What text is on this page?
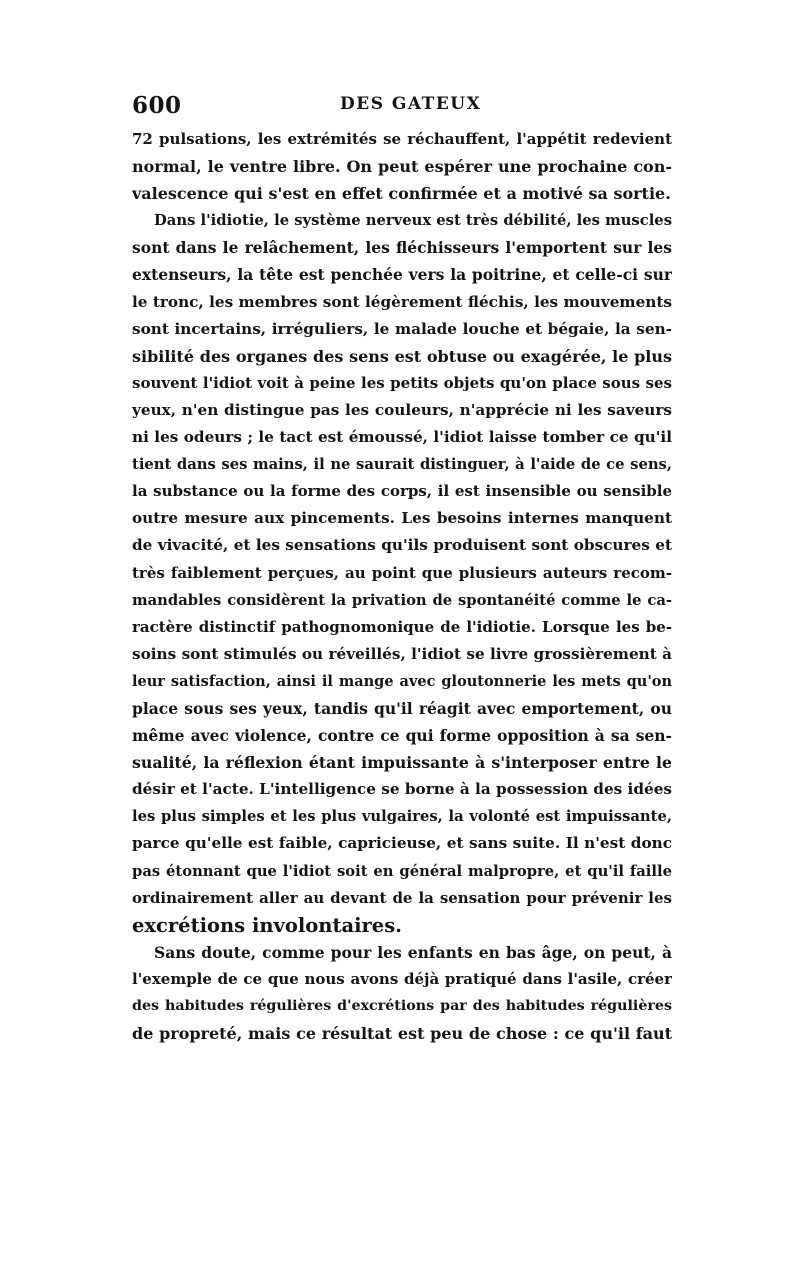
600	DES GATEUX
72 pulsations, les extrémités se réchauffent, l'appétit redevient
normal, le ventre libre. On peut espérer une prochaine con-
valescence qui s'est en effet confirmée et a motivé sa sortie.
Dans l'idiotie, le système nerveux est très débilité, les muscles
sont dans le relâchement, les fléchisseurs l'emportent sur les
extenseurs, la tête est penchée vers la poitrine, et celle-ci sur
le tronc, les membres sont légèrement fléchis, les mouvements
sont incertains, irréguliers, le malade louche et bégaie, la sen-
sibilité des organes des sens est obtuse ou exagérée, le plus
souvent l'idiot voit à peine les petits objets qu'on place sous ses
yeux, n'en distingue pas les couleurs, n'apprécie ni les saveurs
ni les odeurs ; le tact est émoussé, l'idiot laisse tomber ce qu'il
tient dans ses mains, il ne saurait distinguer, à l'aide de ce sens,
la substance ou la forme des corps, il est insensible ou sensible
outre mesure aux pincements. Les besoins internes manquent
de vivacité, et les sensations qu'ils produisent sont obscures et
très faiblement perçues, au point que plusieurs auteurs recom-
mandables considèrent la privation de spontanéité comme le ca-
ractère distinctif pathognomonique de l'idiotie. Lorsque les be-
soins sont stimulés ou réveillés, l'idiot se livre grossièrement à
leur satisfaction, ainsi il mange avec gloutonnerie les mets qu'on
place sous ses yeux, tandis qu'il réagit avec emportement, ou
même avec violence, contre ce qui forme opposition à sa sen-
sualité, la réflexion étant impuissante à s'interposer entre le
désir et l'acte. L'intelligence se borne à la possession des idées
les plus simples et les plus vulgaires, la volonté est impuissante,
parce qu'elle est faible, capricieuse, et sans suite. Il n'est donc
pas étonnant que l'idiot soit en général malpropre, et qu'il faille
ordinairement aller au devant de la sensation pour prévenir les
excrétions involontaires.
Sans doute, comme pour les enfants en bas âge, on peut, à
l'exemple de ce que nous avons déjà pratiqué dans l'asile, créer
des habitudes régulières d'excrétions par des habitudes régulières
de propreté, mais ce résultat est peu de chose : ce qu'il faut
